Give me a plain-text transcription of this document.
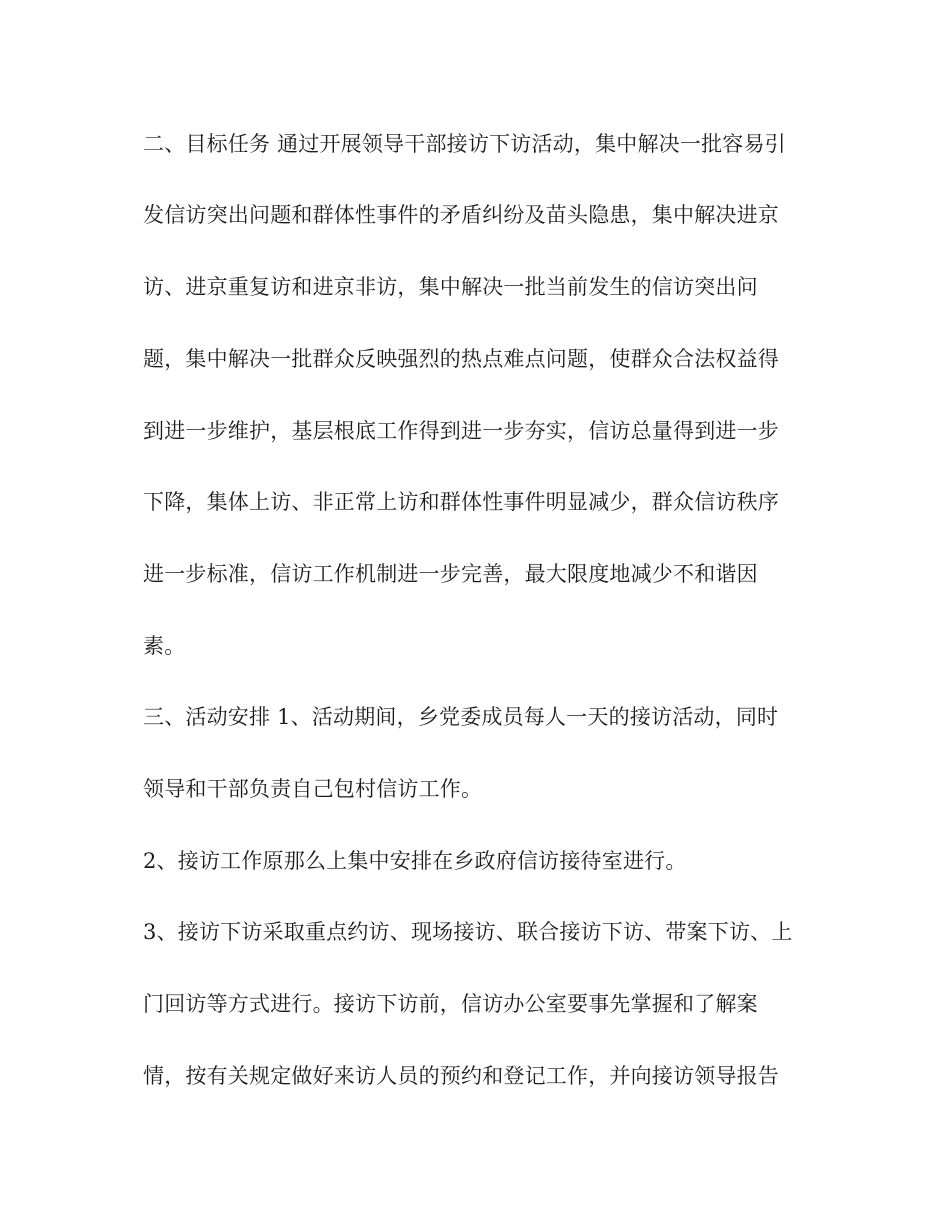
二、目标任务 通过开展领导干部接访下访活动，集中解决一批容易引
发信访突出问题和群体性事件的矛盾纠纷及苗头隐患，集中解决进京
访、进京重复访和进京非访，集中解决一批当前发生的信访突出问
题，集中解决一批群众反映强烈的热点难点问题，使群众合法权益得
到进一步维护，基层根底工作得到进一步夯实，信访总量得到进一步
下降，集体上访、非正常上访和群体性事件明显减少，群众信访秩序
进一步标准，信访工作机制进一步完善，最大限度地减少不和谐因
素。
三、活动安排 1、活动期间，乡党委成员每人一天的接访活动，同时
领导和干部负责自己包村信访工作。
2、接访工作原那么上集中安排在乡政府信访接待室进行。
3、接访下访采取重点约访、现场接访、联合接访下访、带案下访、上
门回访等方式进行。接访下访前，信访办公室要事先掌握和了解案
情，按有关规定做好来访人员的预约和登记工作，并向接访领导报告
